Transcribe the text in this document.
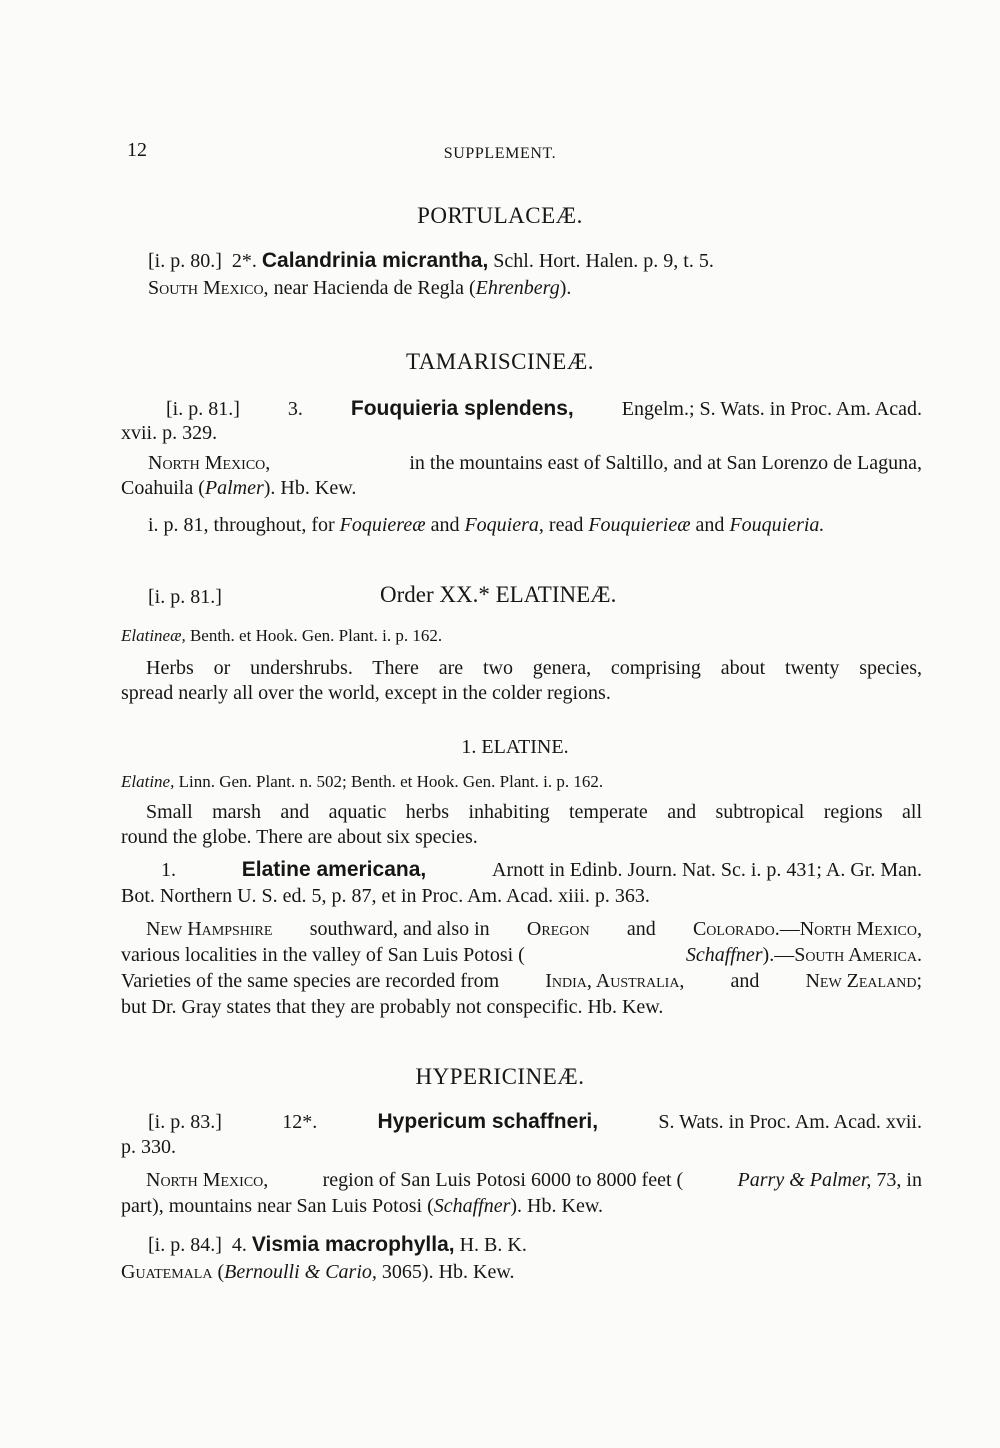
12	SUPPLEMENT.
PORTULACEÆ.
[i. p. 80.] 2*. Calandrinia micrantha, Schl. Hort. Halen. p. 9, t. 5.
South Mexico, near Hacienda de Regla (Ehrenberg).
TAMARISCINEÆ.
[i. p. 81.] 3. Fouquieria splendens, Engelm.; S. Wats. in Proc. Am. Acad.
xvii. p. 329.
North Mexico,	in the mountains east of Saltillo, and at San Lorenzo de Laguna,
Coahuila (Palmer). Hb. Kew.
i. p. 81, throughout, for Foquiereæ and Foquiera, read Fouquierieæ and Fouquieria.
[i. p. 81.]	Order XX.* ELATINEÆ.
Elatineæ, Benth. et Hook. Gen. Plant. i. p. 162.
Herbs or undershrubs. There are two genera, comprising about twenty species,
spread nearly all over the world, except in the colder regions.
1. ELATINE.
Elatine, Linn. Gen. Plant. n. 502; Benth. et Hook. Gen. Plant. i. p. 162.
Small marsh and aquatic herbs inhabiting temperate and subtropical regions all
round the globe. There are about six species.
1.	Elatine americana,	Arnott in Edinb. Journ. Nat. Sc. i. p. 431; A. Gr. Man.
Bot. Northern U. S. ed. 5, p. 87, et in Proc. Am. Acad. xiii. p. 363.
New Hampshire southward, and also in Oregon and Colorado.—North Mexico,
various localities in the valley of San Luis Potosi (	Schaffner).—South America.
Varieties of the same species are recorded from India, Australia, and New Zealand;
but Dr. Gray states that they are probably not conspecific. Hb. Kew.
HYPERICINEÆ.
[i. p. 83.]	12*.	Hypericum schaffneri,	S. Wats. in Proc. Am. Acad. xvii.
p. 330.
North Mexico,	region of San Luis Potosi 6000 to 8000 feet (	Parry & Palmer, 73, in
part), mountains near San Luis Potosi (Schaffner). Hb. Kew.
[i. p. 84.] 4. Vismia macrophylla, H. B. K.
Guatemala (Bernoulli & Cario, 3065). Hb. Kew.
